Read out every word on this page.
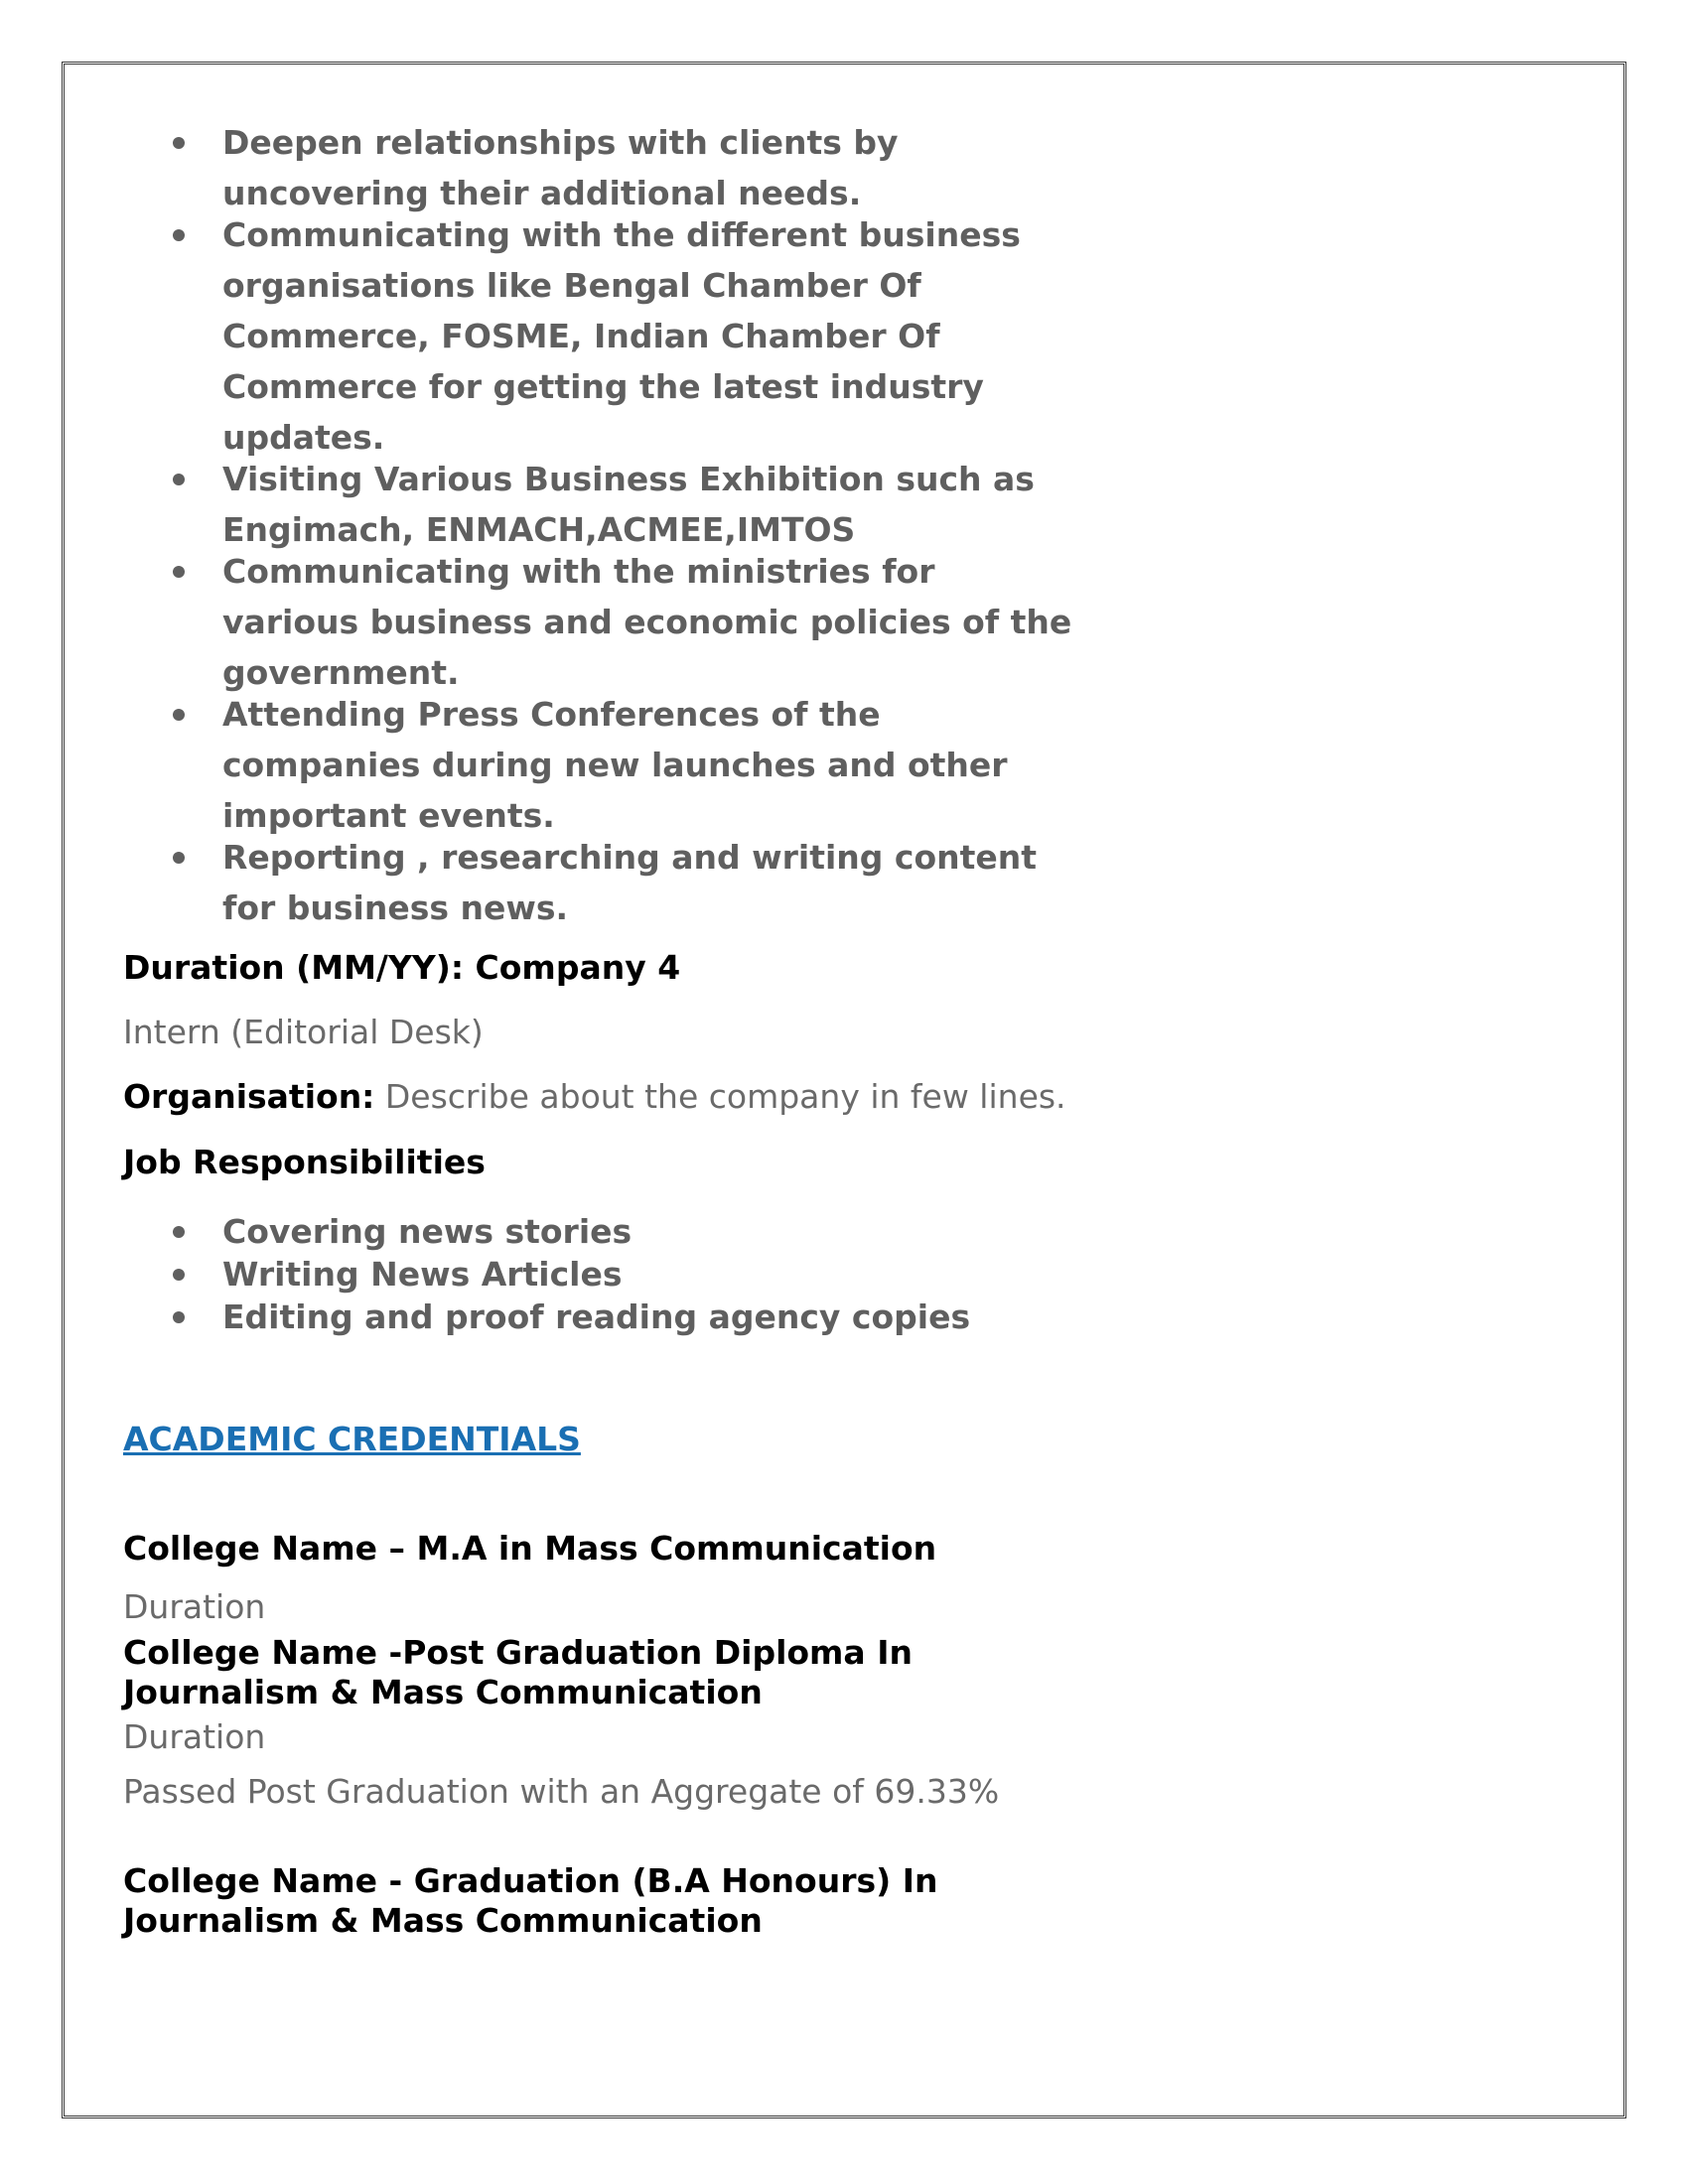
Deepen relationships with clients by uncovering their additional needs.
Communicating with the different business organisations like Bengal Chamber Of Commerce, FOSME, Indian Chamber Of Commerce for getting the latest industry updates.
Visiting Various Business Exhibition such as Engimach, ENMACH,ACMEE,IMTOS
Communicating with the ministries for various business and economic policies of the government.
Attending Press Conferences of the companies during new launches and other important events.
Reporting , researching and writing content for business news.
Duration (MM/YY): Company 4
Intern (Editorial Desk)
Organisation: Describe about the company in few lines.
Job Responsibilities
Covering news stories
Writing News Articles
Editing and proof reading agency copies
ACADEMIC CREDENTIALS
College Name – M.A in Mass Communication
Duration
College Name -Post Graduation Diploma In Journalism & Mass Communication
Duration
Passed Post Graduation with an Aggregate of 69.33%
College Name - Graduation (B.A Honours) In Journalism & Mass Communication
